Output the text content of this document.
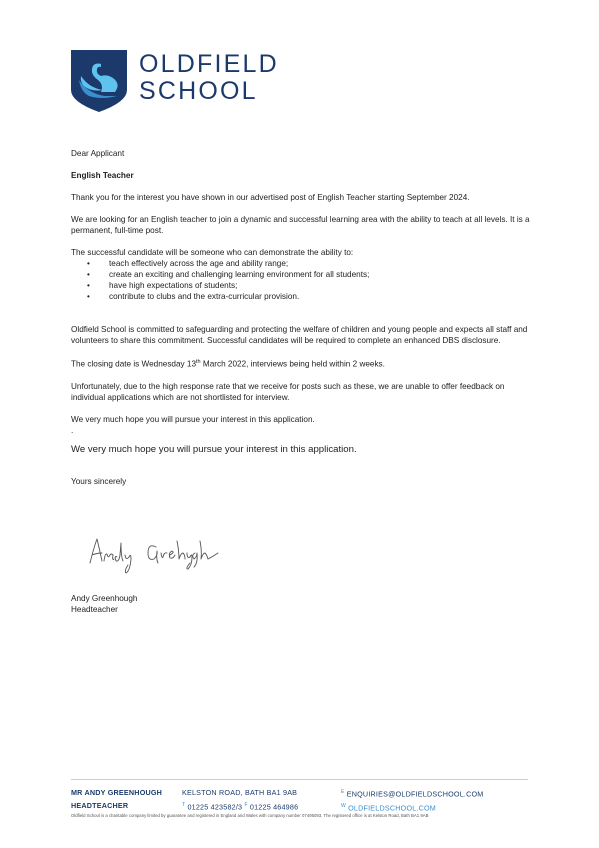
OLDFIELD
SCHOOL

Dear Applicant

English Teacher

Thank you for the interest you have shown in our advertised post of English Teacher starting September 2024.

We are looking for an English teacher to join a dynamic and successful learning area with the ability to teach at all levels. It is a permanent, full-time post.

The successful candidate will be someone who can demonstrate the ability to:

• teach effectively across the age and ability range;
• create an exciting and challenging learning environment for all students;
• have high expectations of students;
• contribute to clubs and the extra-curricular provision.

Oldfield School is committed to safeguarding and protecting the welfare of children and young people and expects all staff and volunteers to share this commitment. Successful candidates will be required to complete an enhanced DBS disclosure.

The closing date is Wednesday 13th March 2022, interviews being held within 2 weeks.

Unfortunately, due to the high response rate that we receive for posts such as these, we are unable to offer feedback on individual applications which are not shortlisted for interview.

We very much hope you will pursue your interest in this application.

.

We very much hope you will pursue your interest in this application.

Yours sincerely

Andy Greenhough

Headteacher

MR ANDY GREENHOUGH
HEADTEACHER
KELSTON ROAD, BATH BA1 9AB
$^T$ 01225 423582/3 $^F$ 01225 464986
$^E$ ENQUIRIES@OLDFIELDSCHOOL.COM
$^W$ OLDFIELDSCHOOL.COM
Oldfield School is a charitable company limited by guarantee and registered in England and Wales with company number 07495093. The registered office is at Kelston Road, Bath BA1 9AB
